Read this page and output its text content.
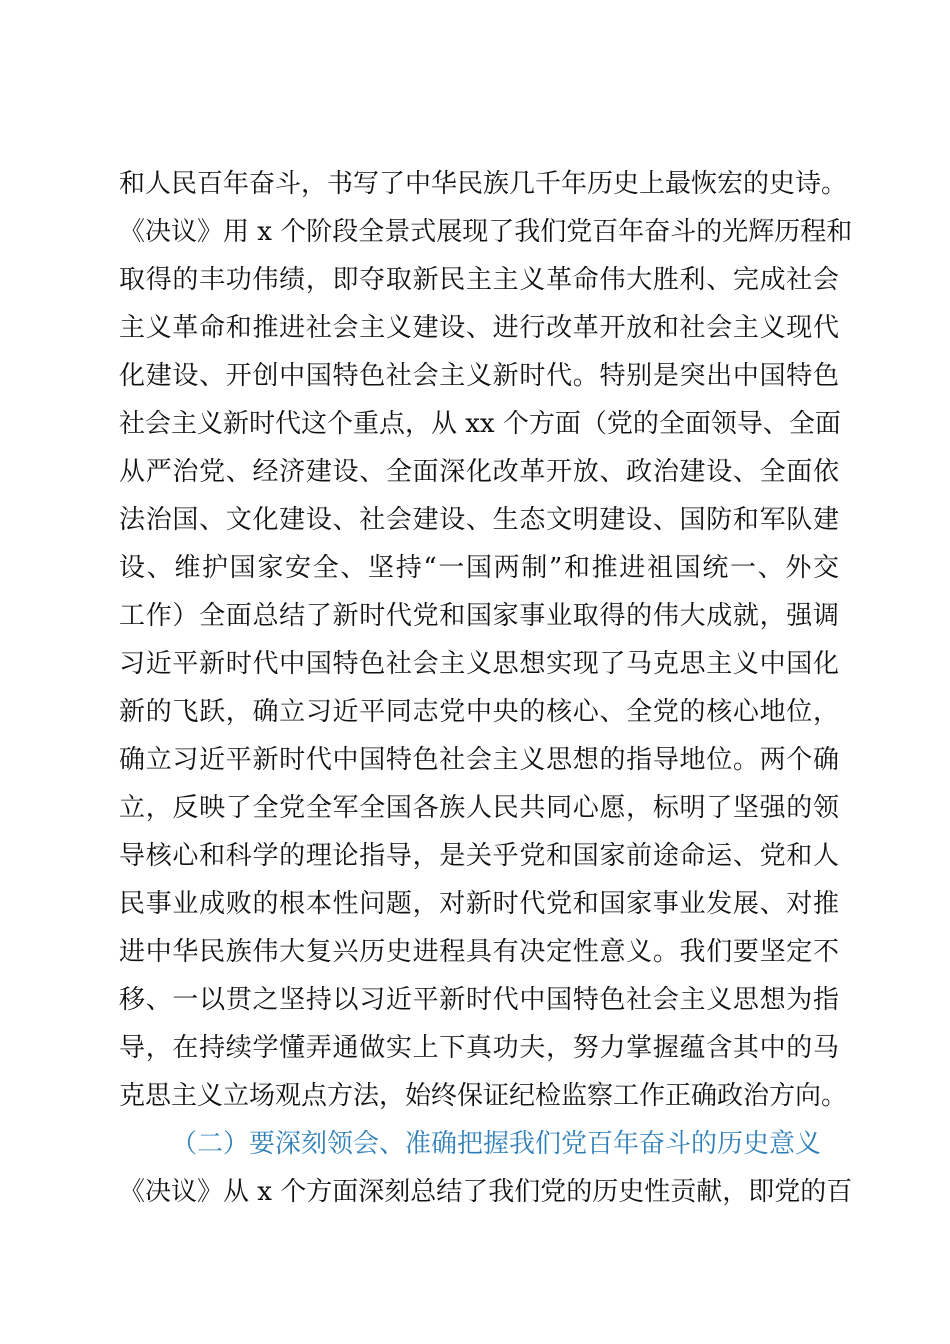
和人民百年奋斗，书写了中华民族几千年历史上最恢宏的史诗。
《决议》用 x 个阶段全景式展现了我们党百年奋斗的光辉历程和
取得的丰功伟绩，即夺取新民主主义革命伟大胜利、完成社会
主义革命和推进社会主义建设、进行改革开放和社会主义现代
化建设、开创中国特色社会主义新时代。特别是突出中国特色
社会主义新时代这个重点，从 xx 个方面（党的全面领导、全面
从严治党、经济建设、全面深化改革开放、政治建设、全面依
法治国、文化建设、社会建设、生态文明建设、国防和军队建
设、维护国家安全、坚持“一国两制”和推进祖国统一、外交
工作）全面总结了新时代党和国家事业取得的伟大成就，强调
习近平新时代中国特色社会主义思想实现了马克思主义中国化
新的飞跃，确立习近平同志党中央的核心、全党的核心地位，
确立习近平新时代中国特色社会主义思想的指导地位。两个确
立，反映了全党全军全国各族人民共同心愿，标明了坚强的领
导核心和科学的理论指导，是关乎党和国家前途命运、党和人
民事业成败的根本性问题，对新时代党和国家事业发展、对推
进中华民族伟大复兴历史进程具有决定性意义。我们要坚定不
移、一以贯之坚持以习近平新时代中国特色社会主义思想为指
导，在持续学懂弄通做实上下真功夫，努力掌握蕴含其中的马
克思主义立场观点方法，始终保证纪检监察工作正确政治方向。
（二）要深刻领会、准确把握我们党百年奋斗的历史意义
《决议》从 x 个方面深刻总结了我们党的历史性贡献，即党的百
